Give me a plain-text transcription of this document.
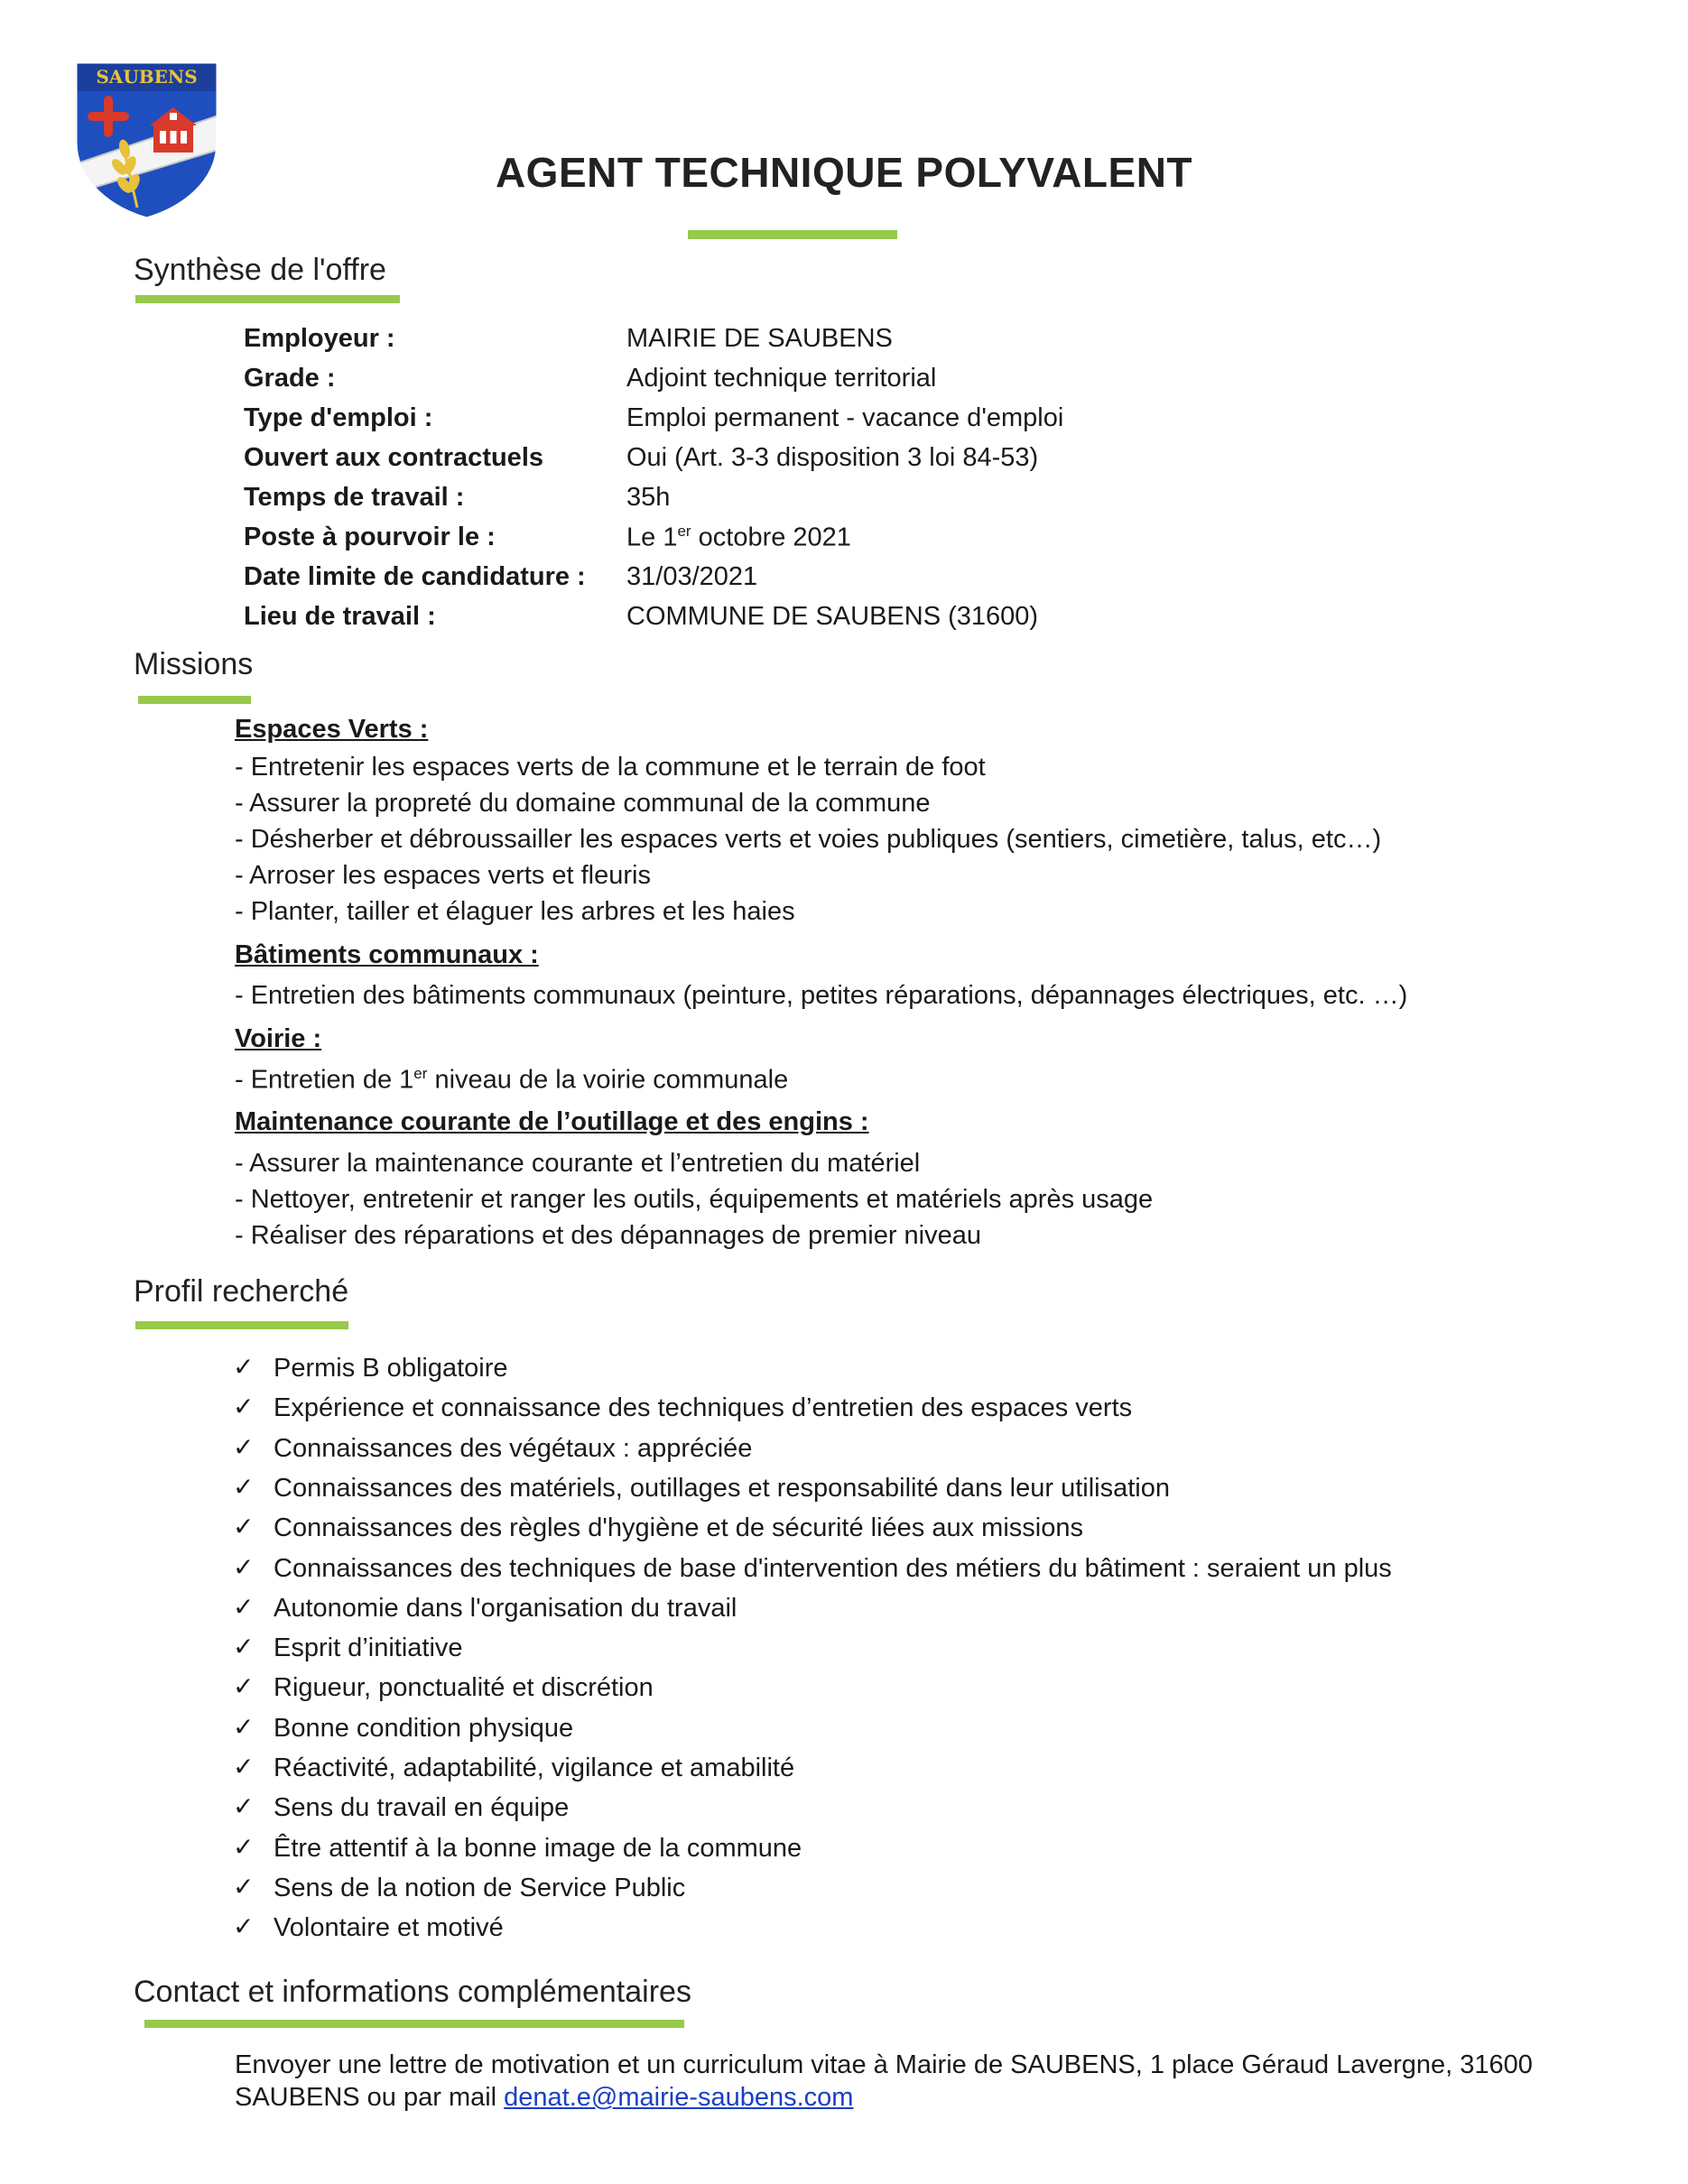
SAUBENS
AGENT TECHNIQUE POLYVALENT
Synthèse de l'offre
Employeur :	MAIRIE DE SAUBENS
Grade :	Adjoint technique territorial
Type d'emploi :	Emploi permanent - vacance d'emploi
Ouvert aux contractuels	Oui (Art. 3-3 disposition 3 loi 84-53)
Temps de travail :	35h
Poste à pourvoir le :	Le 1er octobre 2021
Date limite de candidature : 31/03/2021
Lieu de travail :	COMMUNE DE SAUBENS (31600)
Missions
Espaces Verts :
- Entretenir les espaces verts de la commune et le terrain de foot
- Assurer la propreté du domaine communal de la commune
- Désherber et débroussailler les espaces verts et voies publiques (sentiers, cimetière, talus, etc…)
- Arroser les espaces verts et fleuris
- Planter, tailler et élaguer les arbres et les haies
Bâtiments communaux :
- Entretien des bâtiments communaux (peinture, petites réparations, dépannages électriques, etc. …)
Voirie :
- Entretien de 1er niveau de la voirie communale
Maintenance courante de l’outillage et des engins :
- Assurer la maintenance courante et l’entretien du matériel
- Nettoyer, entretenir et ranger les outils, équipements et matériels après usage
- Réaliser des réparations et des dépannages de premier niveau
Profil recherché
✓ Permis B obligatoire
✓ Expérience et connaissance des techniques d’entretien des espaces verts
✓ Connaissances des végétaux : appréciée
✓ Connaissances des matériels, outillages et responsabilité dans leur utilisation
✓ Connaissances des règles d'hygiène et de sécurité liées aux missions
✓ Connaissances des techniques de base d'intervention des métiers du bâtiment : seraient un plus
✓ Autonomie dans l'organisation du travail
✓ Esprit d’initiative
✓ Rigueur, ponctualité et discrétion
✓ Bonne condition physique
✓ Réactivité, adaptabilité, vigilance et amabilité
✓ Sens du travail en équipe
✓ Être attentif à la bonne image de la commune
✓ Sens de la notion de Service Public
✓ Volontaire et motivé
Contact et informations complémentaires
Envoyer une lettre de motivation et un curriculum vitae à Mairie de SAUBENS, 1 place Géraud Lavergne, 31600 SAUBENS ou par mail denat.e@mairie-saubens.com
